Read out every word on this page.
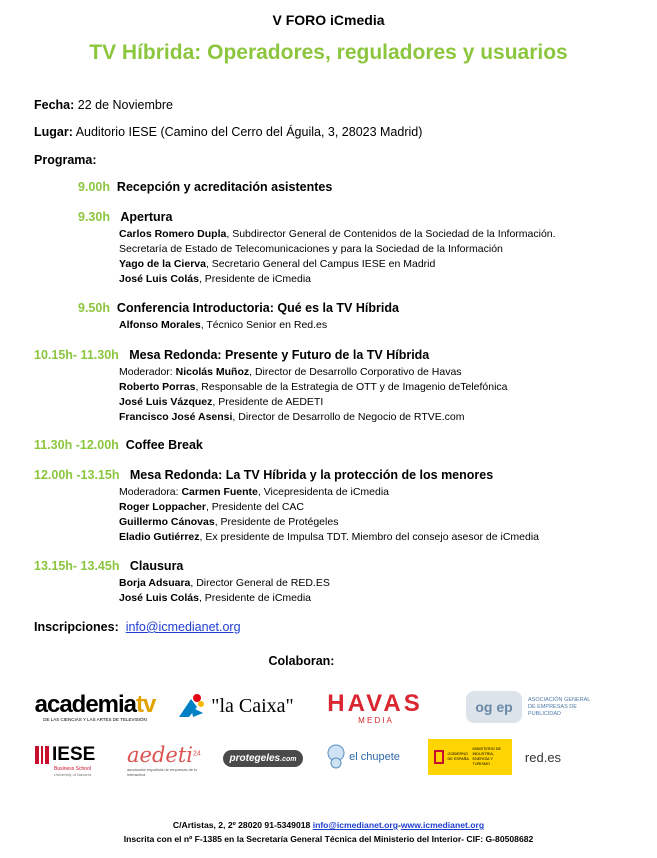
V FORO iCmedia
TV Híbrida: Operadores, reguladores y usuarios
Fecha: 22 de Noviembre
Lugar: Auditorio IESE (Camino del Cerro del Águila, 3, 28023 Madrid)
Programa:
9.00h Recepción y acreditación asistentes
9.30h Apertura
Carlos Romero Dupla, Subdirector General de Contenidos de la Sociedad de la Información.
Secretaría de Estado de Telecomunicaciones y para la Sociedad de la Información
Yago de la Cierva, Secretario General del Campus IESE en Madrid
José Luis Colás, Presidente de iCmedia
9.50h Conferencia Introductoria: Qué es la TV Híbrida
Alfonso Morales, Técnico Senior en Red.es
10.15h- 11.30h Mesa Redonda: Presente y Futuro de la TV Híbrida
Moderador: Nicolás Muñoz, Director de Desarrollo Corporativo de Havas
Roberto Porras, Responsable de la Estrategia de OTT y de Imagenio deTelefónica
José Luis Vázquez, Presidente de AEDETI
Francisco José Asensi, Director de Desarrollo de Negocio de RTVE.com
11.30h -12.00h Coffee Break
12.00h -13.15h Mesa Redonda: La TV Híbrida y la protección de los menores
Moderadora: Carmen Fuente, Vicepresidenta de iCmedia
Roger Loppacher, Presidente del CAC
Guillermo Cánovas, Presidente de Protégeles
Eladio Gutiérrez, Ex presidente de Impulsa TDT. Miembro del consejo asesor de iCmedia
13.15h- 13.45h Clausura
Borja Adsuara, Director General de RED.ES
José Luis Colás, Presidente de iCmedia
Inscripciones: info@icmedianet.org
Colaboran:
academiatv
DE LAS CIENCIAS Y LAS ARTES DE TELEVISIÓN
"la Caixa" HAVAS
M E D I A
og ep	ASOCIACIÓN GENERAL DE EMPRESAS DE PUBLICIDAD
IESE
Business School
University of Navarra
aedeti$^{24}$
asociación española de empresas de tv interactiva
protegeles.com	el chupete	GOBIERNO DE ESPAÑA
MINISTERIO DE INDUSTRIA, ENERGÍA Y TURISMO	red.es
C/Artistas, 2, 2º 28020 91-5349018 info@icmedianet.org-www.icmedianet.org
Inscrita con el nº F-1385 en la Secretaría General Técnica del Ministerio del Interior- CIF: G-80508682
